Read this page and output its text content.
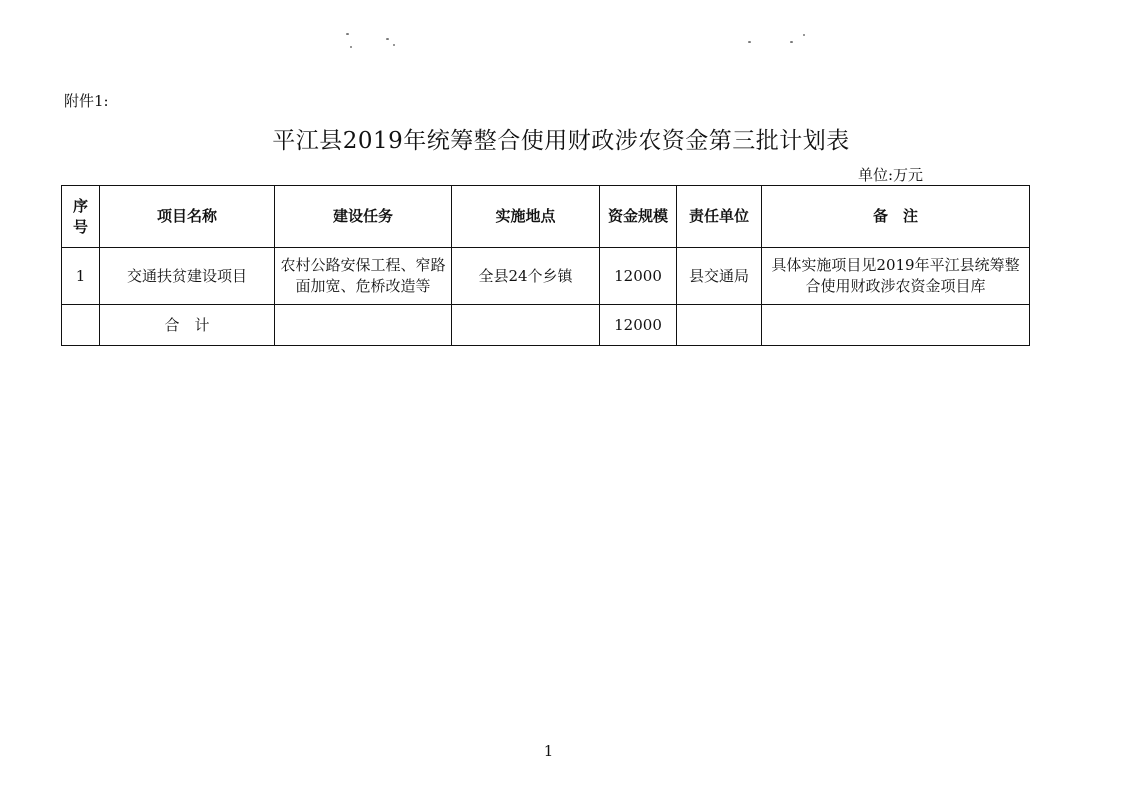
附件1:
平江县2019年统筹整合使用财政涉农资金第三批计划表
单位:万元
序号	项目名称	建设任务	实施地点	资金规模	责任单位	备　注
1	交通扶贫建设项目	农村公路安保工程、窄路面加宽、危桥改造等	全县24个乡镇	12000	县交通局	具体实施项目见2019年平江县统筹整合使用财政涉农资金项目库
	合　计			12000		
1
